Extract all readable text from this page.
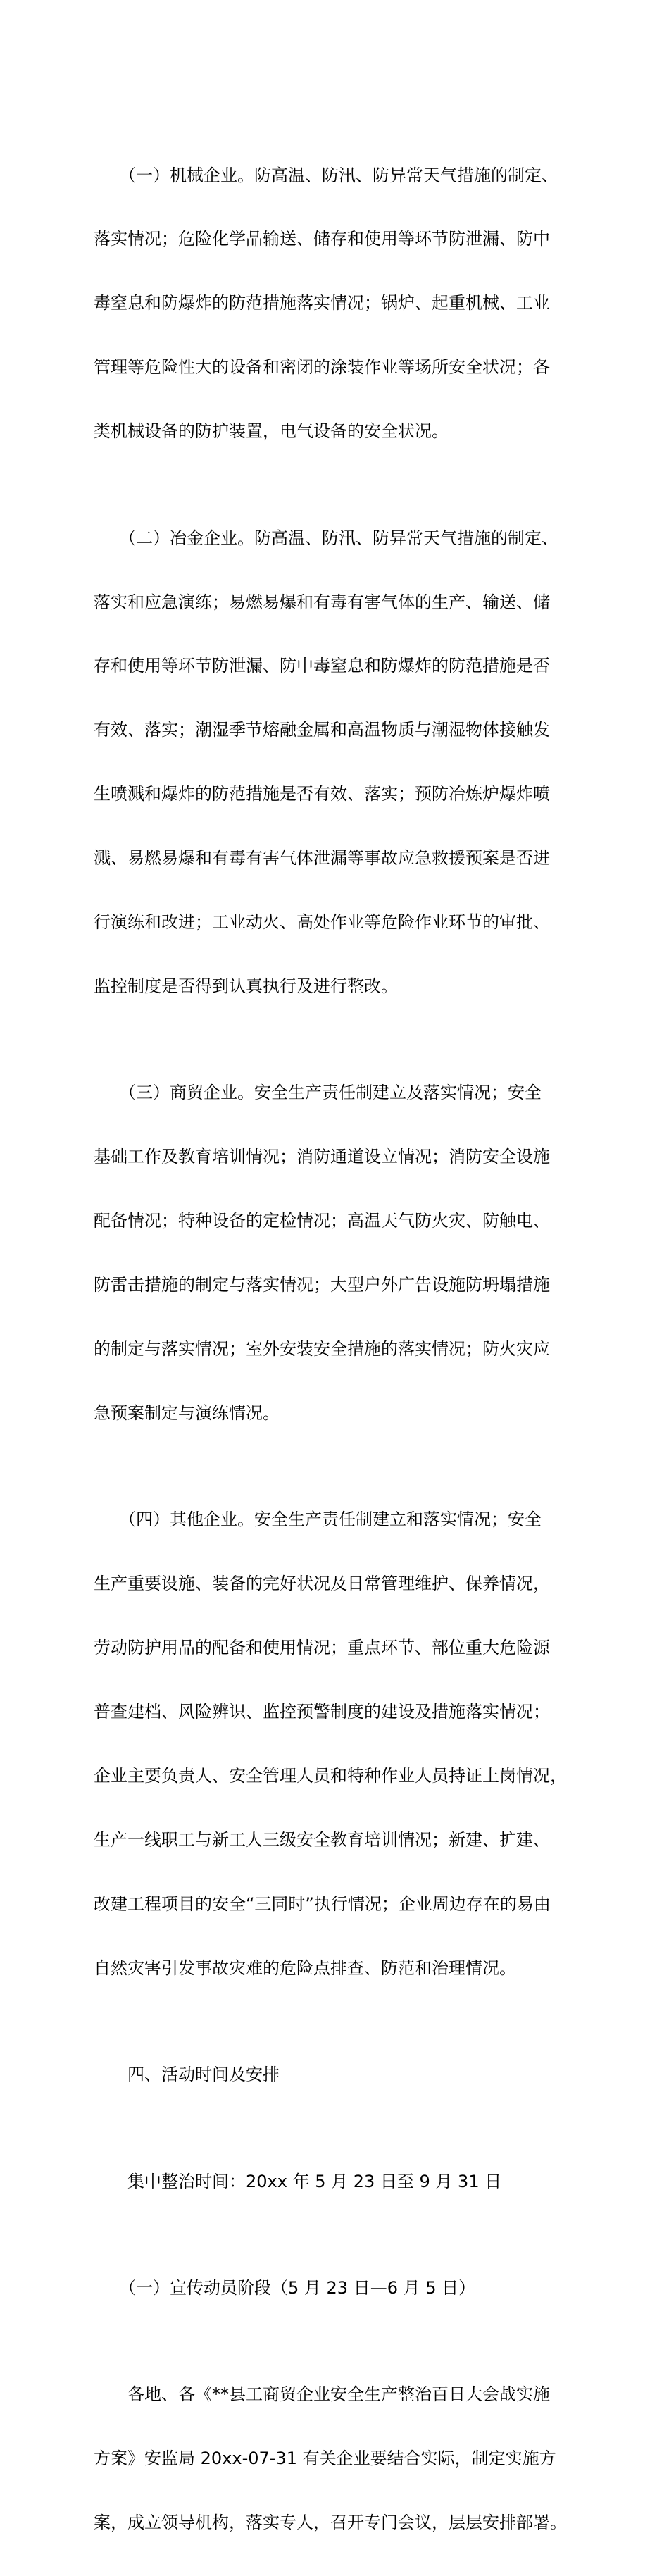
　　（一）机械企业。防高温、防汛、防异常天气措施的制定、

落实情况；危险化学品输送、储存和使用等环节防泄漏、防中

毒窒息和防爆炸的防范措施落实情况；锅炉、起重机械、工业

管理等危险性大的设备和密闭的涂装作业等场所安全状况；各

类机械设备的防护装置，电气设备的安全状况。

　　（二）冶金企业。防高温、防汛、防异常天气措施的制定、

落实和应急演练；易燃易爆和有毒有害气体的生产、输送、储

存和使用等环节防泄漏、防中毒窒息和防爆炸的防范措施是否

有效、落实；潮湿季节熔融金属和高温物质与潮湿物体接触发

生喷溅和爆炸的防范措施是否有效、落实；预防冶炼炉爆炸喷

溅、易燃易爆和有毒有害气体泄漏等事故应急救援预案是否进

行演练和改进；工业动火、高处作业等危险作业环节的审批、

监控制度是否得到认真执行及进行整改。

　　（三）商贸企业。安全生产责任制建立及落实情况；安全

基础工作及教育培训情况；消防通道设立情况；消防安全设施

配备情况；特种设备的定检情况；高温天气防火灾、防触电、

防雷击措施的制定与落实情况；大型户外广告设施防坍塌措施

的制定与落实情况；室外安装安全措施的落实情况；防火灾应

急预案制定与演练情况。

　　（四）其他企业。安全生产责任制建立和落实情况；安全

生产重要设施、装备的完好状况及日常管理维护、保养情况，

劳动防护用品的配备和使用情况；重点环节、部位重大危险源

普查建档、风险辨识、监控预警制度的建设及措施落实情况；

企业主要负责人、安全管理人员和特种作业人员持证上岗情况，

生产一线职工与新工人三级安全教育培训情况；新建、扩建、

改建工程项目的安全“三同时”执行情况；企业周边存在的易由

自然灾害引发事故灾难的危险点排查、防范和治理情况。

　　四、活动时间及安排

　　集中整治时间：20xx 年 5 月 23 日至 9 月 31 日

　　（一）宣传动员阶段（5 月 23 日—6 月 5 日）

　　各地、各《**县工商贸企业安全生产整治百日大会战实施

方案》安监局 20xx-07-31 有关企业要结合实际，制定实施方

案，成立领导机构，落实专人，召开专门会议，层层安排部署。
